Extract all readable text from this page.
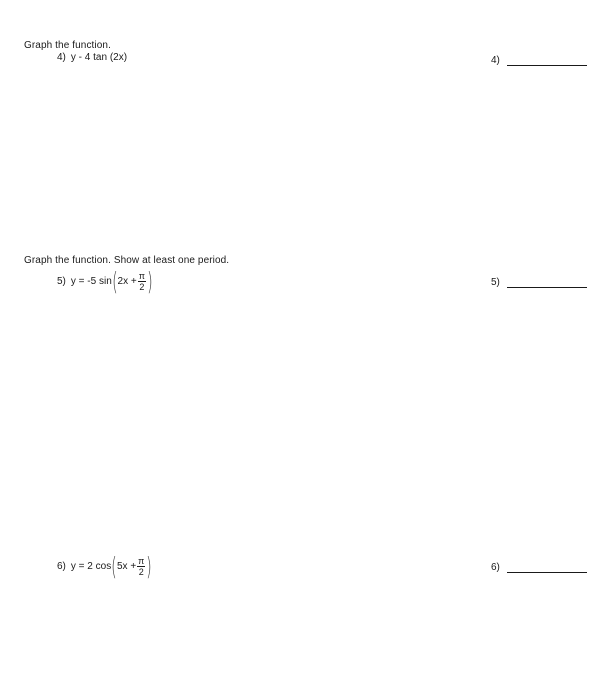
Graph the function.
4) y - 4 tan (2x)	4)
Graph the function. Show at least one period.
5) y = -5 sin ( $2x + \frac{\pi}{2}$ )	5)
6) y = 2 cos ( $5x + \frac{\pi}{2}$ )	6)
